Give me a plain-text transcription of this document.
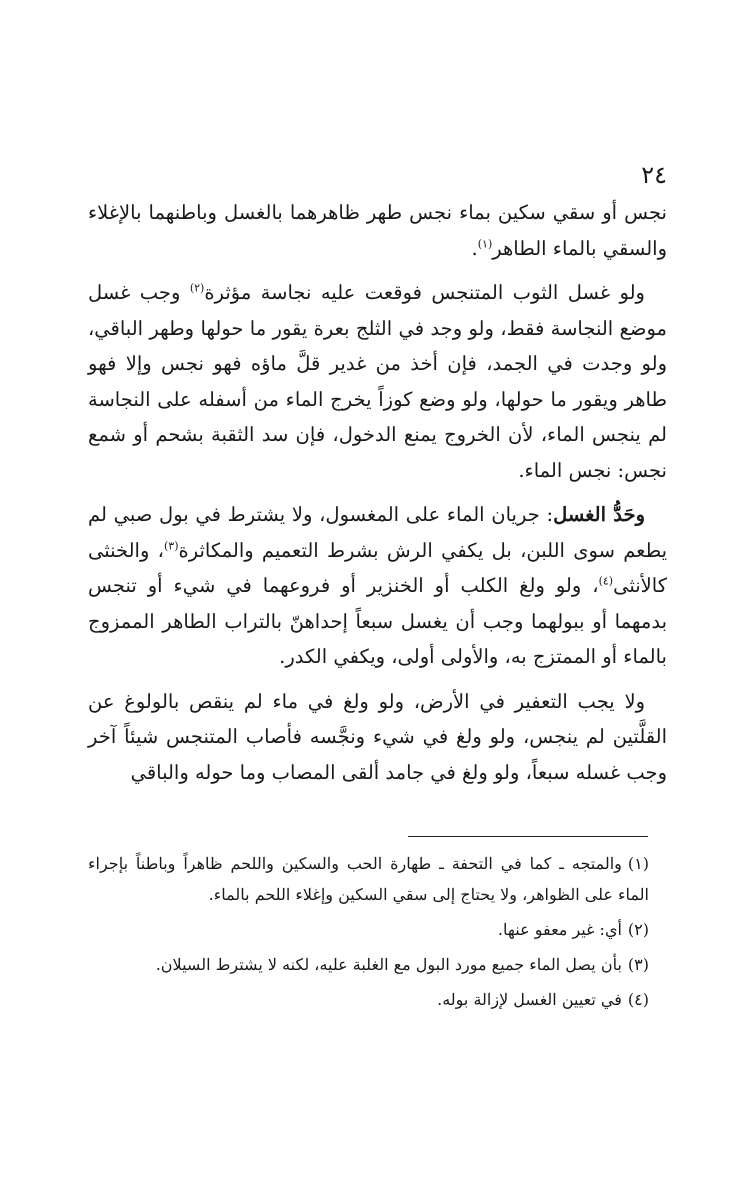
٢٤

نجس أو سقي سكين بماء نجس طهر ظاهرهما بالغسل وباطنهما بالإغلاء والسقي بالماء الطاهر$^{(١)}$.

ولو غسل الثوب المتنجس فوقعت عليه نجاسة مؤثرة$^{(٢)}$ وجب غسل موضع النجاسة فقط، ولو وجد في الثلج بعرة يقور ما حولها وطهر الباقي، ولو وجدت في الجمد، فإن أخذ من غدير قلَّ ماؤه فهو نجس وإلا فهو طاهر ويقور ما حولها، ولو وضع كوزاً يخرج الماء من أسفله على النجاسة لم ينجس الماء، لأن الخروج يمنع الدخول، فإن سد الثقبة بشحم أو شمع نجس: نجس الماء.

وحَدُّ الغسل: جريان الماء على المغسول، ولا يشترط في بول صبي لم يطعم سوى اللبن، بل يكفي الرش بشرط التعميم والمكاثرة$^{(٣)}$، والخنثى كالأنثى$^{(٤)}$، ولو ولغ الكلب أو الخنزير أو فروعهما في شيء أو تنجس بدمهما أو ببولهما وجب أن يغسل سبعاً إحداهنّ بالتراب الطاهر الممزوج بالماء أو الممتزج به، والأولى أولى، ويكفي الكدر.

ولا يجب التعفير في الأرض، ولو ولغ في ماء لم ينقص بالولوغ عن القلَّتين لم ينجس، ولو ولغ في شيء ونجَّسه فأصاب المتنجس شيئاً آخر وجب غسله سبعاً، ولو ولغ في جامد ألقى المصاب وما حوله والباقي

(١)والمتجه ـ كما في التحفة ـ طهارة الحب والسكين واللحم ظاهراً وباطناً بإجراء الماء على الظواهر، ولا يحتاج إلى سقي السكين وإغلاء اللحم بالماء.

(٢)أي: غير معفو عنها.

(٣)بأن يصل الماء جميع مورد البول مع الغلبة عليه، لكنه لا يشترط السيلان.

(٤)في تعيين الغسل لإزالة بوله.
